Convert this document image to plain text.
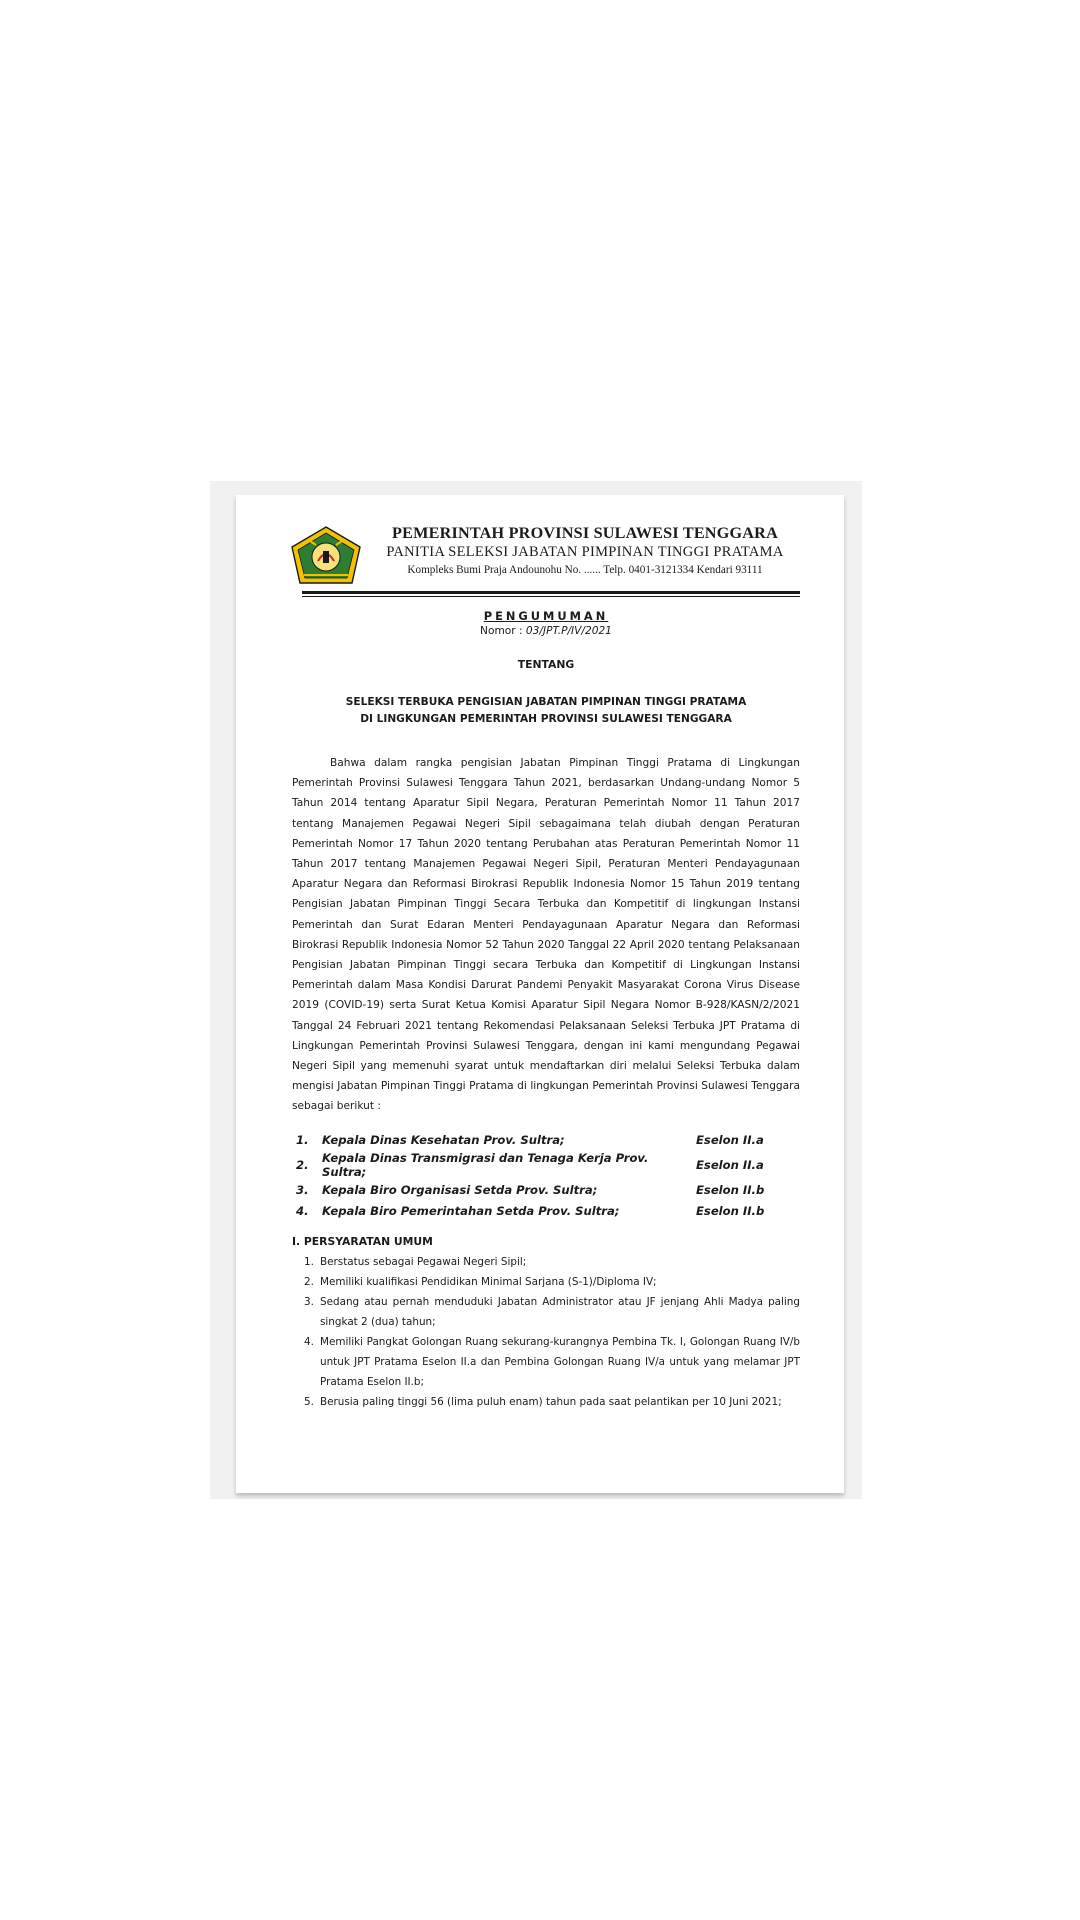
PEMERINTAH PROVINSI SULAWESI TENGGARA
PANITIA SELEKSI JABATAN PIMPINAN TINGGI PRATAMA
Kompleks Bumi Praja Andounohu No. ...... Telp. 0401-3121334 Kendari 93111
PENGUMUMAN
Nomor : 03/JPT.P/IV/2021
TENTANG
SELEKSI TERBUKA PENGISIAN JABATAN PIMPINAN TINGGI PRATAMA
DI LINGKUNGAN PEMERINTAH PROVINSI SULAWESI TENGGARA
Bahwa dalam rangka pengisian Jabatan Pimpinan Tinggi Pratama di Lingkungan Pemerintah Provinsi Sulawesi Tenggara Tahun 2021, berdasarkan Undang-undang Nomor 5 Tahun 2014 tentang Aparatur Sipil Negara, Peraturan Pemerintah Nomor 11 Tahun 2017 tentang Manajemen Pegawai Negeri Sipil sebagaimana telah diubah dengan Peraturan Pemerintah Nomor 17 Tahun 2020 tentang Perubahan atas Peraturan Pemerintah Nomor 11 Tahun 2017 tentang Manajemen Pegawai Negeri Sipil, Peraturan Menteri Pendayagunaan Aparatur Negara dan Reformasi Birokrasi Republik Indonesia Nomor 15 Tahun 2019 tentang Pengisian Jabatan Pimpinan Tinggi Secara Terbuka dan Kompetitif di lingkungan Instansi Pemerintah dan Surat Edaran Menteri Pendayagunaan Aparatur Negara dan Reformasi Birokrasi Republik Indonesia Nomor 52 Tahun 2020 Tanggal 22 April 2020 tentang Pelaksanaan Pengisian Jabatan Pimpinan Tinggi secara Terbuka dan Kompetitif di Lingkungan Instansi Pemerintah dalam Masa Kondisi Darurat Pandemi Penyakit Masyarakat Corona Virus Disease 2019 (COVID-19) serta Surat Ketua Komisi Aparatur Sipil Negara Nomor B-928/KASN/2/2021 Tanggal 24 Februari 2021 tentang Rekomendasi Pelaksanaan Seleksi Terbuka JPT Pratama di Lingkungan Pemerintah Provinsi Sulawesi Tenggara, dengan ini kami mengundang Pegawai Negeri Sipil yang memenuhi syarat untuk mendaftarkan diri melalui Seleksi Terbuka dalam mengisi Jabatan Pimpinan Tinggi Pratama di lingkungan Pemerintah Provinsi Sulawesi Tenggara sebagai berikut :
1.	Kepala Dinas Kesehatan Prov. Sultra;	Eselon II.a
2.	Kepala Dinas Transmigrasi dan Tenaga Kerja Prov. Sultra;	Eselon II.a
3.	Kepala Biro Organisasi Setda Prov. Sultra;	Eselon II.b
4.	Kepala Biro Pemerintahan Setda Prov. Sultra;	Eselon II.b
I. PERSYARATAN UMUM
1. Berstatus sebagai Pegawai Negeri Sipil;
2. Memiliki kualifikasi Pendidikan Minimal Sarjana (S-1)/Diploma IV;
3. Sedang atau pernah menduduki Jabatan Administrator atau JF jenjang Ahli Madya paling singkat 2 (dua) tahun;
4. Memiliki Pangkat Golongan Ruang sekurang-kurangnya Pembina Tk. I, Golongan Ruang IV/b untuk JPT Pratama Eselon II.a dan Pembina Golongan Ruang IV/a untuk yang melamar JPT Pratama Eselon II.b;
5. Berusia paling tinggi 56 (lima puluh enam) tahun pada saat pelantikan per 10 Juni 2021;
